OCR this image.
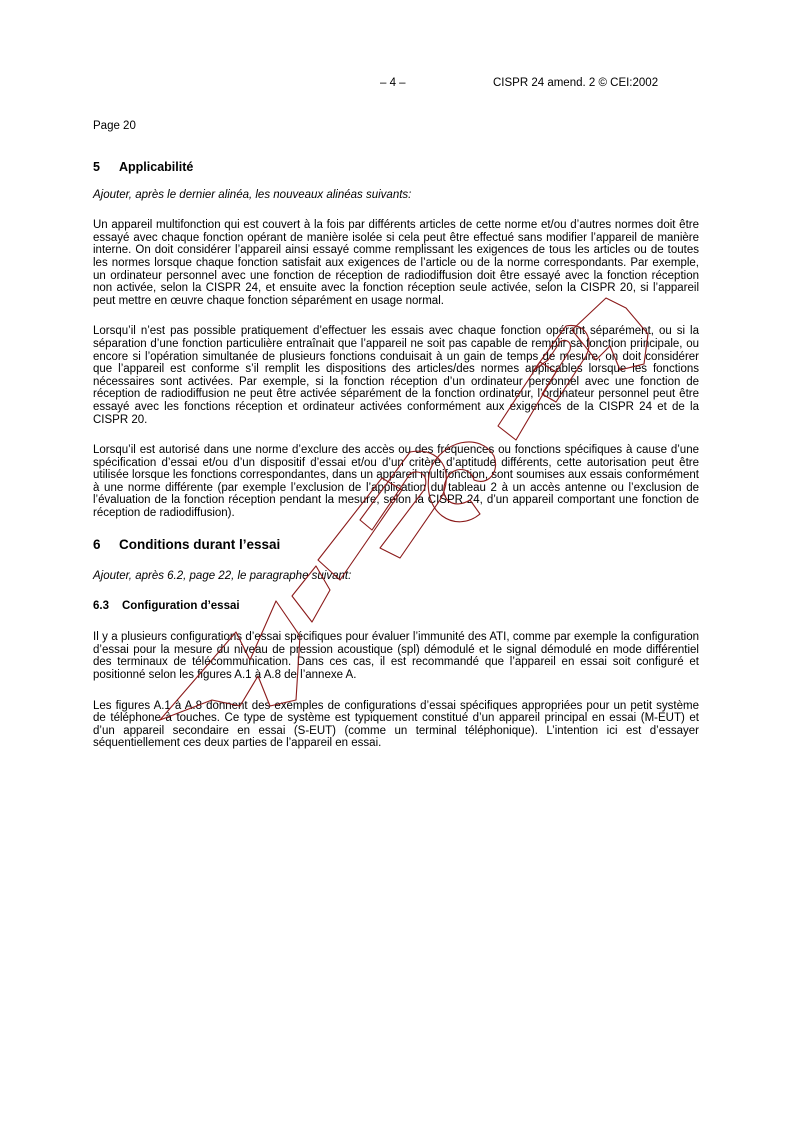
– 4 –	CISPR 24 amend. 2 © CEI:2002
Page 20
5 Applicabilité
Ajouter, après le dernier alinéa, les nouveaux alinéas suivants:

Un appareil multifonction qui est couvert à la fois par différents articles de cette norme et/ou d’autres normes doit être essayé avec chaque fonction opérant de manière isolée si cela peut être effectué sans modifier l’appareil de manière interne. On doit considérer l’appareil ainsi essayé comme remplissant les exigences de tous les articles ou de toutes les normes lorsque chaque fonction satisfait aux exigences de l’article ou de la norme correspondants. Par exemple, un ordinateur personnel avec une fonction de réception de radiodiffusion doit être essayé avec la fonction réception non activée, selon la CISPR 24, et ensuite avec la fonction réception seule activée, selon la CISPR 20, si l’appareil peut mettre en œuvre chaque fonction séparément en usage normal.

Lorsqu’il n’est pas possible pratiquement d’effectuer les essais avec chaque fonction opérant séparément, ou si la séparation d’une fonction particulière entraînait que l’appareil ne soit pas capable de remplir sa fonction principale, ou encore si l’opération simultanée de plusieurs fonctions conduisait à un gain de temps de mesure, on doit considérer que l’appareil est conforme s’il remplit les dispositions des articles/des normes applicables lorsque les fonctions nécessaires sont activées. Par exemple, si la fonction réception d’un ordinateur personnel avec une fonction de réception de radiodiffusion ne peut être activée séparément de la fonction ordinateur, l’ordinateur personnel peut être essayé avec les fonctions réception et ordinateur activées conformément aux exigences de la CISPR 24 et de la CISPR 20.

Lorsqu’il est autorisé dans une norme d’exclure des accès ou des fréquences ou fonctions spécifiques à cause d’une spécification d’essai et/ou d’un dispositif d’essai et/ou d’un critère d’aptitude différents, cette autorisation peut être utilisée lorsque les fonctions correspondantes, dans un appareil multifonction, sont soumises aux essais conformément à une norme différente (par exemple l’exclusion de l’application du tableau 2 à un accès antenne ou l’exclusion de l’évaluation de la fonction réception pendant la mesure, selon la CISPR 24, d’un appareil comportant une fonction de réception de radiodiffusion).

6 Conditions durant l’essai
Ajouter, après 6.2, page 22, le paragraphe suivant:
6.3 Configuration d’essai

Il y a plusieurs configurations d’essai spécifiques pour évaluer l’immunité des ATI, comme par exemple la configuration d’essai pour la mesure du niveau de pression acoustique (spl) démodulé et le signal démodulé en mode différentiel des terminaux de télécommunication. Dans ces cas, il est recommandé que l’appareil en essai soit configuré et positionné selon les figures A.1 à A.8 de l’annexe A.

Les figures A.1 à A.8 donnent des exemples de configurations d’essai spécifiques appropriées pour un petit système de téléphone à touches. Ce type de système est typiquement constitué d’un appareil principal en essai (M-EUT) et d’un appareil secondaire en essai (S-EUT) (comme un terminal téléphonique). L’intention ici est d’essayer séquentiellement ces deux parties de l’appareil en essai.
